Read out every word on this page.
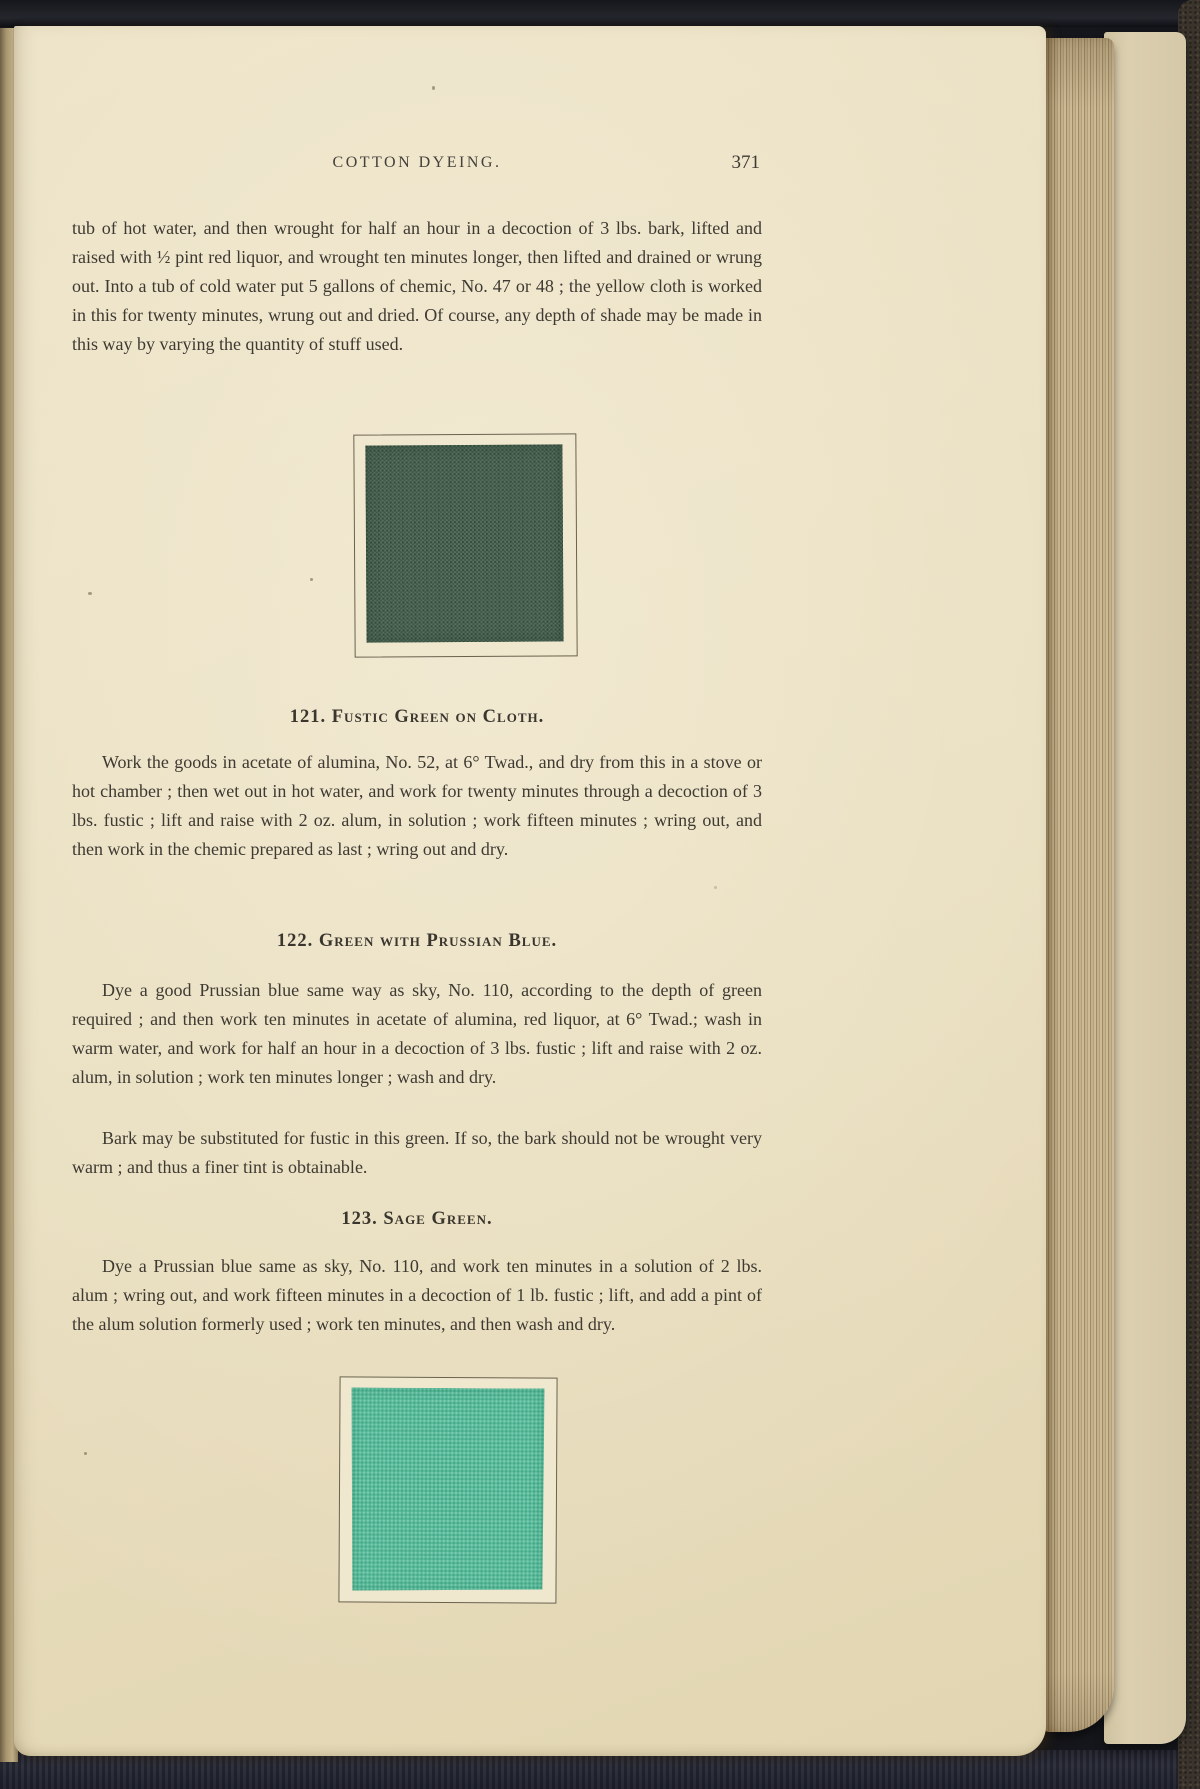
COTTON DYEING.	371

tub of hot water, and then wrought for half an hour in a decoction of 3 lbs. bark, lifted and raised with ½ pint red liquor, and wrought ten minutes longer, then lifted and drained or wrung out. Into a tub of cold water put 5 gallons of chemic, No. 47 or 48 ; the yellow cloth is worked in this for twenty minutes, wrung out and dried. Of course, any depth of shade may be made in this way by varying the quantity of stuff used.

121. Fustic Green on Cloth.

Work the goods in acetate of alumina, No. 52, at 6° Twad., and dry from this in a stove or hot chamber ; then wet out in hot water, and work for twenty minutes through a decoction of 3 lbs. fustic ; lift and raise with 2 oz. alum, in solution ; work fifteen minutes ; wring out, and then work in the chemic prepared as last ; wring out and dry.

122. Green with Prussian Blue.

Dye a good Prussian blue same way as sky, No. 110, according to the depth of green required ; and then work ten minutes in acetate of alumina, red liquor, at 6° Twad.; wash in warm water, and work for half an hour in a decoction of 3 lbs. fustic ; lift and raise with 2 oz. alum, in solution ; work ten minutes longer ; wash and dry.

Bark may be substituted for fustic in this green. If so, the bark should not be wrought very warm ; and thus a finer tint is obtainable.

123. Sage Green.

Dye a Prussian blue same as sky, No. 110, and work ten minutes in a solution of 2 lbs. alum ; wring out, and work fifteen minutes in a decoction of 1 lb. fustic ; lift, and add a pint of the alum solution formerly used ; work ten minutes, and then wash and dry.
